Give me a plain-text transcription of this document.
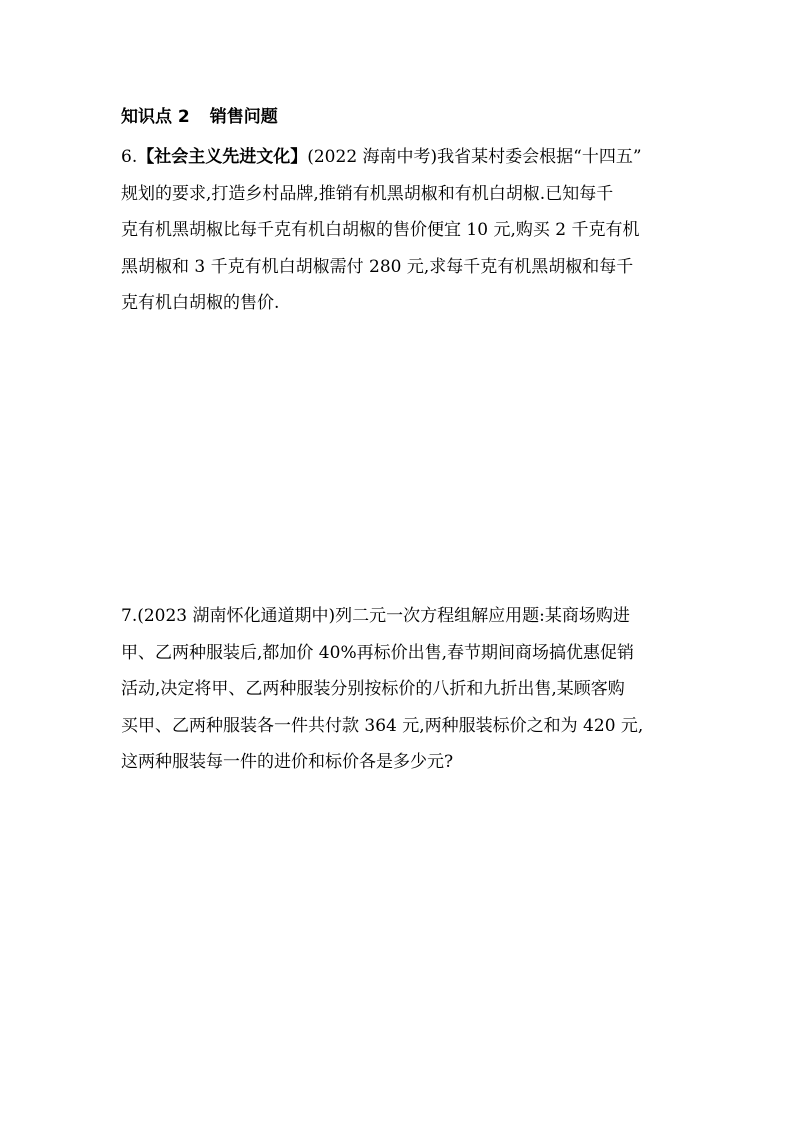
知识点 2 销售问题
6.【社会主义先进文化】(2022 海南中考)我省某村委会根据“十四五”
规划的要求,打造乡村品牌,推销有机黑胡椒和有机白胡椒.已知每千
克有机黑胡椒比每千克有机白胡椒的售价便宜 10 元,购买 2 千克有机
黑胡椒和 3 千克有机白胡椒需付 280 元,求每千克有机黑胡椒和每千
克有机白胡椒的售价.
7.(2023 湖南怀化通道期中)列二元一次方程组解应用题:某商场购进
甲、乙两种服装后,都加价 40%再标价出售,春节期间商场搞优惠促销
活动,决定将甲、乙两种服装分别按标价的八折和九折出售,某顾客购
买甲、乙两种服装各一件共付款 364 元,两种服装标价之和为 420 元,
这两种服装每一件的进价和标价各是多少元?
